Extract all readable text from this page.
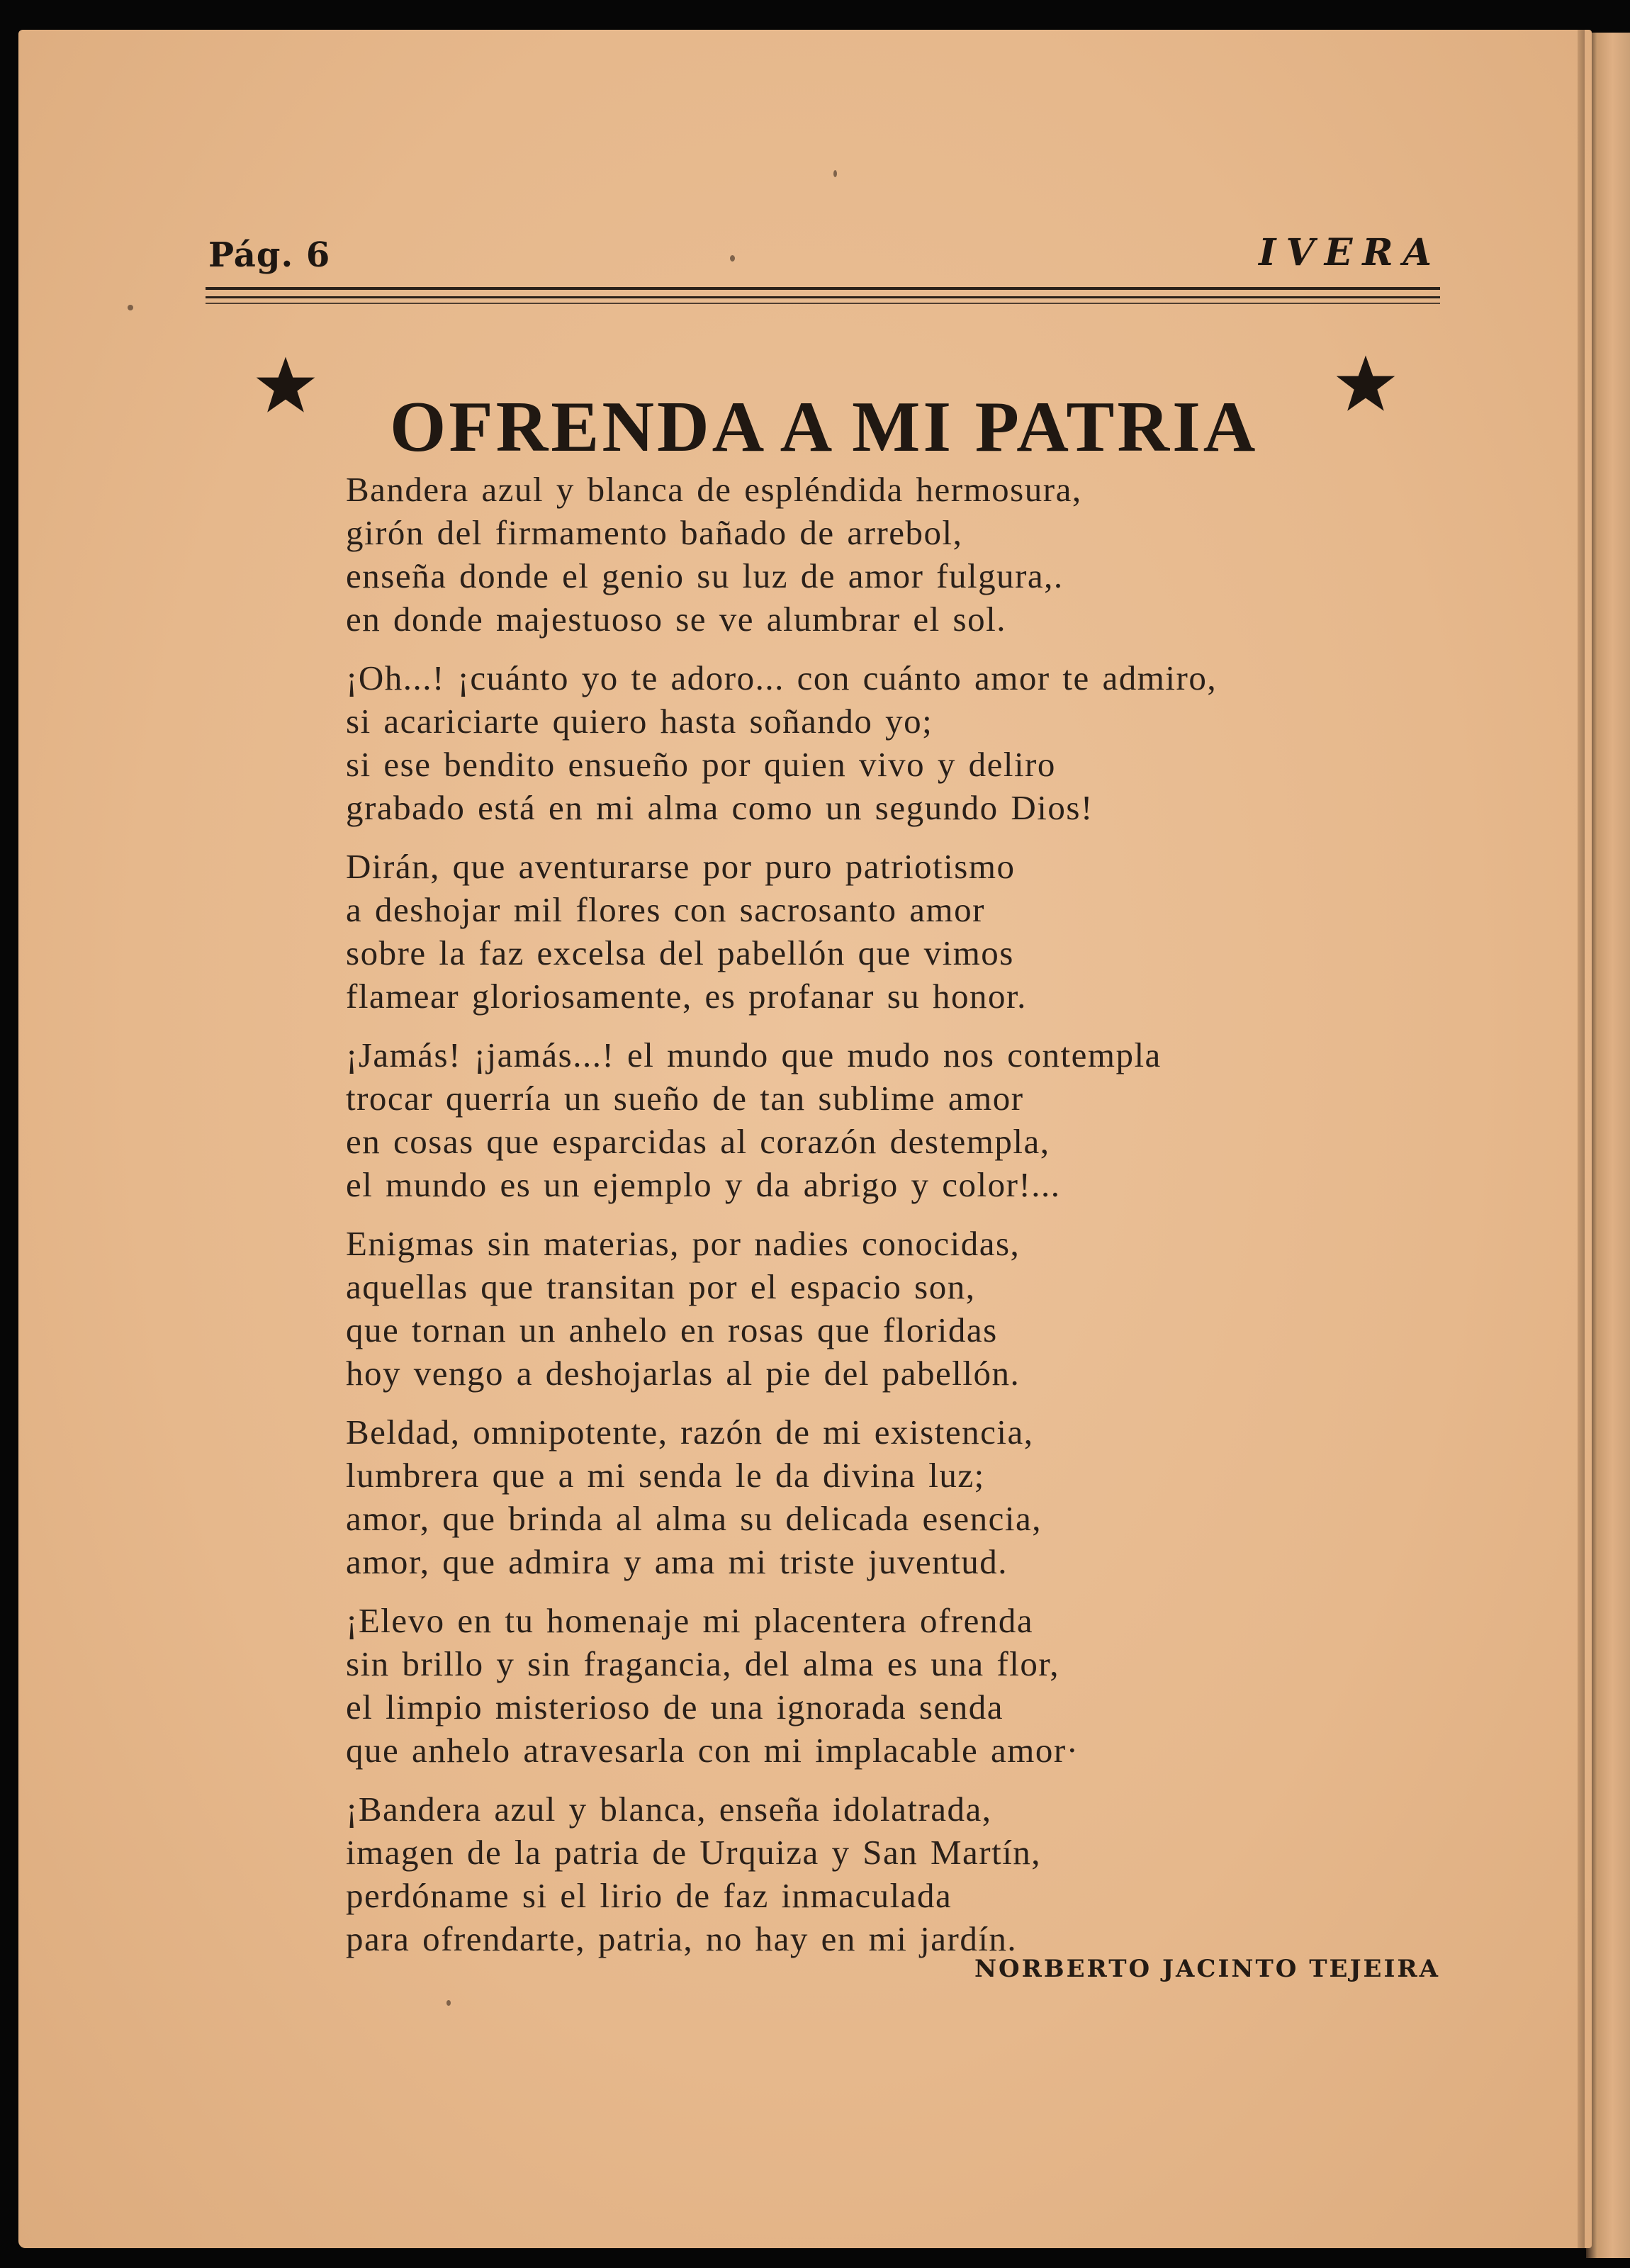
Pág. 6	IVERA
OFRENDA A MI PATRIA
Bandera azul y blanca de espléndida hermosura,
girón del firmamento bañado de arrebol,
enseña donde el genio su luz de amor fulgura,.
en donde majestuoso se ve alumbrar el sol.
¡Oh...! ¡cuánto yo te adoro... con cuánto amor te admiro,
si acariciarte quiero hasta soñando yo;
si ese bendito ensueño por quien vivo y deliro
grabado está en mi alma como un segundo Dios!
Dirán, que aventurarse por puro patriotismo
a deshojar mil flores con sacrosanto amor
sobre la faz excelsa del pabellón que vimos
flamear gloriosamente, es profanar su honor.
¡Jamás! ¡jamás...! el mundo que mudo nos contempla
trocar querría un sueño de tan sublime amor
en cosas que esparcidas al corazón destempla,
el mundo es un ejemplo y da abrigo y color!...
Enigmas sin materias, por nadies conocidas,
aquellas que transitan por el espacio son,
que tornan un anhelo en rosas que floridas
hoy vengo a deshojarlas al pie del pabellón.
Beldad, omnipotente, razón de mi existencia,
lumbrera que a mi senda le da divina luz;
amor, que brinda al alma su delicada esencia,
amor, que admira y ama mi triste juventud.
¡Elevo en tu homenaje mi placentera ofrenda
sin brillo y sin fragancia, del alma es una flor,
el limpio misterioso de una ignorada senda
que anhelo atravesarla con mi implacable amor·
¡Bandera azul y blanca, enseña idolatrada,
imagen de la patria de Urquiza y San Martín,
perdóname si el lirio de faz inmaculada
para ofrendarte, patria, no hay en mi jardín.
NORBERTO JACINTO TEJEIRA
